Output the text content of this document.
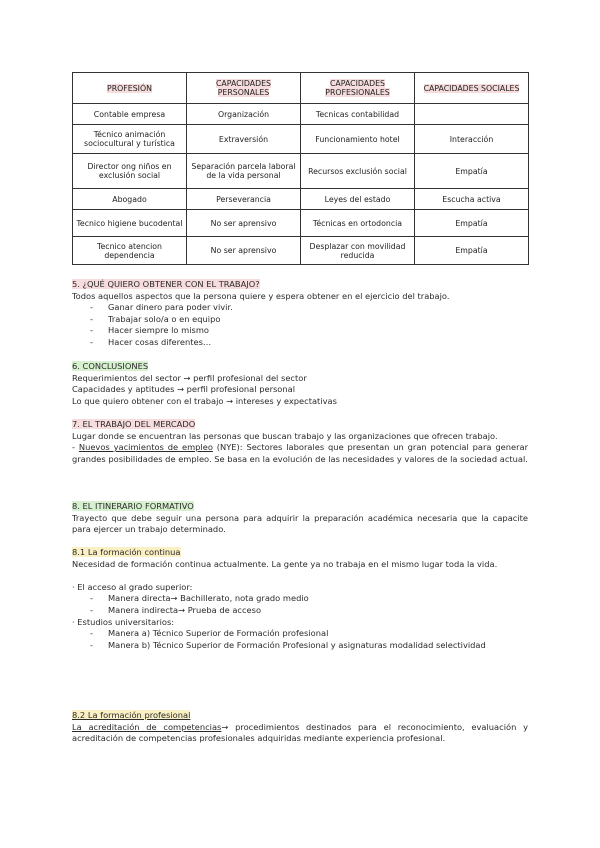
PROFESIÓN	CAPACIDADES PERSONALES	CAPACIDADES PROFESIONALES	CAPACIDADES SOCIALES
Contable empresa	Organización	Tecnicas contabilidad	
Técnico animación sociocultural y turística	Extraversión	Funcionamiento hotel	Interacción
Director ong niños en exclusión social	Separación parcela laboral de la vida personal	Recursos exclusión social	Empatía
Abogado	Perseverancia	Leyes del estado	Escucha activa
Tecnico higiene bucodental	No ser aprensivo	Técnicas en ortodoncia	Empatía
Tecnico atencion dependencia	No ser aprensivo	Desplazar con movilidad reducida	Empatía

5. ¿QUÉ QUIERO OBTENER CON EL TRABAJO?

Todos aquellos aspectos que la persona quiere y espera obtener en el ejercicio del trabajo.

- Ganar dinero para poder vivir.
- Trabajar solo/a o en equipo
- Hacer siempre lo mismo
- Hacer cosas diferentes…

6. CONCLUSIONES

Requerimientos del sector → perfil profesional del sector

Capacidades y aptitudes → perfil profesional personal

Lo que quiero obtener con el trabajo → intereses y expectativas

7. EL TRABAJO DEL MERCADO

Lugar donde se encuentran las personas que buscan trabajo y las organizaciones que ofrecen trabajo.

- Nuevos yacimientos de empleo (NYE): Sectores laborales que presentan un gran potencial para generar grandes posibilidades de empleo. Se basa en la evolución de las necesidades y valores de la sociedad actual.

8. EL ITINERARIO FORMATIVO

Trayecto que debe seguir una persona para adquirir la preparación académica necesaria que la capacite para ejercer un trabajo determinado.

8.1 La formación continua

Necesidad de formación continua actualmente. La gente ya no trabaja en el mismo lugar toda la vida.

· El acceso al grado superior:

- Manera directa→ Bachillerato, nota grado medio
- Manera indirecta→ Prueba de acceso

· Estudios universitarios:

- Manera a) Técnico Superior de Formación profesional
- Manera b) Técnico Superior de Formación Profesional y asignaturas modalidad selectividad

8.2 La formación profesional

La acreditación de competencias→ procedimientos destinados para el reconocimiento, evaluación y acreditación de competencias profesionales adquiridas mediante experiencia profesional.
